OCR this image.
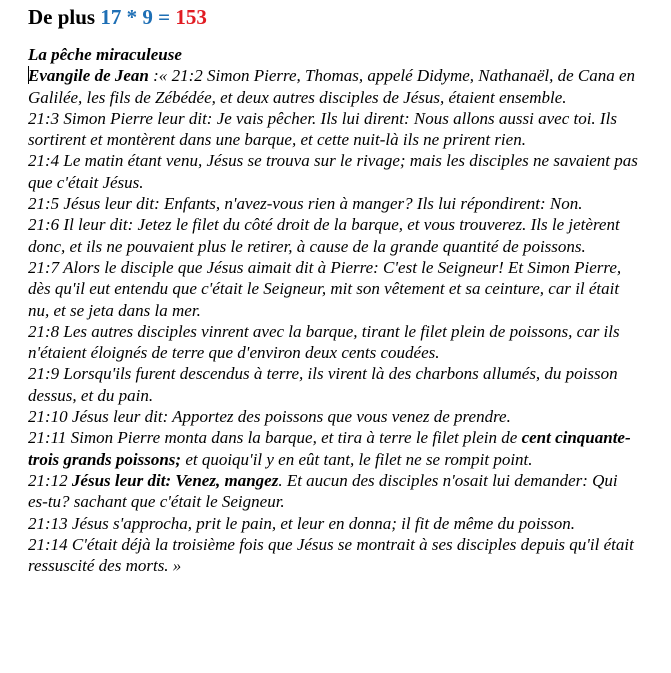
De plus 17 * 9 = 153
La pêche miraculeuse
Evangile de Jean :« 21:2 Simon Pierre, Thomas, appelé Didyme, Nathanaël, de Cana en Galilée, les fils de Zébédée, et deux autres disciples de Jésus, étaient ensemble.
21:3 Simon Pierre leur dit: Je vais pêcher. Ils lui dirent: Nous allons aussi avec toi. Ils sortirent et montèrent dans une barque, et cette nuit-là ils ne prirent rien.
21:4 Le matin étant venu, Jésus se trouva sur le rivage; mais les disciples ne savaient pas que c'était Jésus.
21:5 Jésus leur dit: Enfants, n'avez-vous rien à manger? Ils lui répondirent: Non.
21:6 Il leur dit: Jetez le filet du côté droit de la barque, et vous trouverez. Ils le jetèrent donc, et ils ne pouvaient plus le retirer, à cause de la grande quantité de poissons.
21:7 Alors le disciple que Jésus aimait dit à Pierre: C'est le Seigneur! Et Simon Pierre, dès qu'il eut entendu que c'était le Seigneur, mit son vêtement et sa ceinture, car il était nu, et se jeta dans la mer.
21:8 Les autres disciples vinrent avec la barque, tirant le filet plein de poissons, car ils n'étaient éloignés de terre que d'environ deux cents coudées.
21:9 Lorsqu'ils furent descendus à terre, ils virent là des charbons allumés, du poisson dessus, et du pain.
21:10 Jésus leur dit: Apportez des poissons que vous venez de prendre.
21:11 Simon Pierre monta dans la barque, et tira à terre le filet plein de cent cinquante-trois grands poissons; et quoiqu'il y en eût tant, le filet ne se rompit point.
21:12 Jésus leur dit: Venez, mangez. Et aucun des disciples n'osait lui demander: Qui es-tu? sachant que c'était le Seigneur.
21:13 Jésus s'approcha, prit le pain, et leur en donna; il fit de même du poisson.
21:14 C'était déjà la troisième fois que Jésus se montrait à ses disciples depuis qu'il était ressuscité des morts. »
